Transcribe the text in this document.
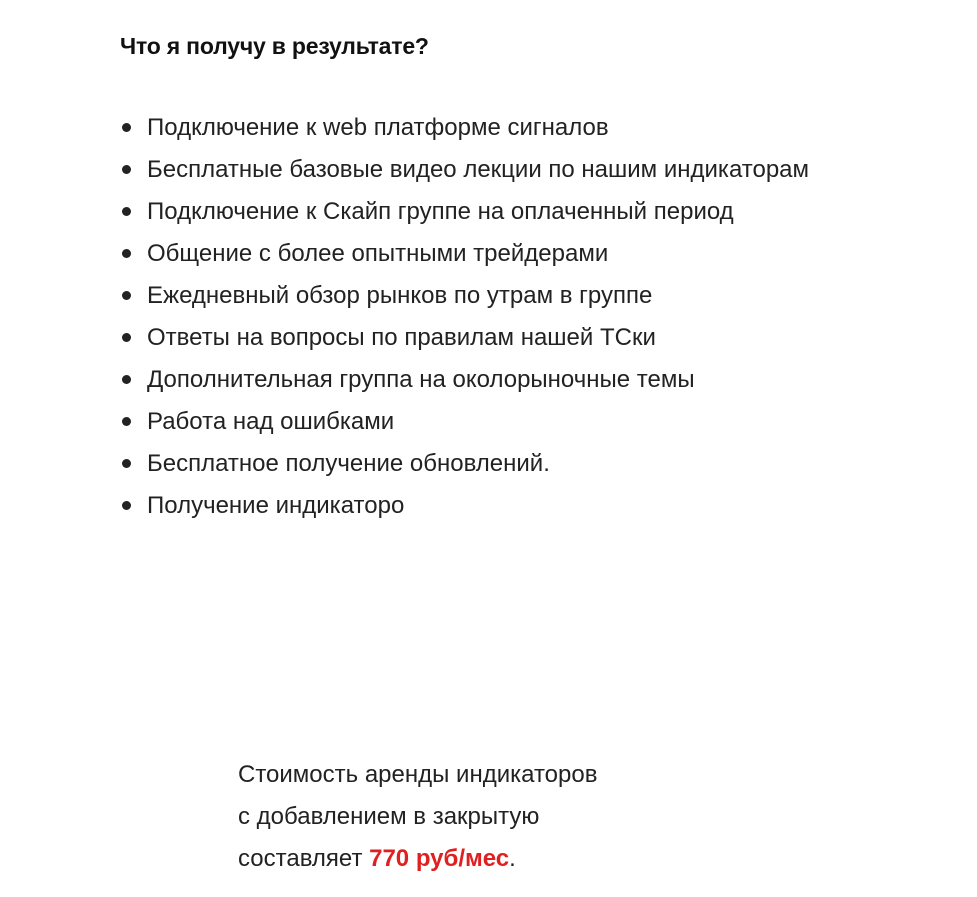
Что я получу в результате?
Подключение к web платформе сигналов
Бесплатные базовые видео лекции по нашим индикаторам
Подключение к Скайп группе на оплаченный период
Общение с более опытными трейдерами
Ежедневный обзор рынков по утрам в группе
Ответы на вопросы по правилам нашей ТСки
Дополнительная группа на околорыночные темы
Работа над ошибками
Бесплатное получение обновлений.
Получение индикаторо

Стоимость аренды индикаторов
с добавлением в закрытую
составляет 770 руб/мес.
